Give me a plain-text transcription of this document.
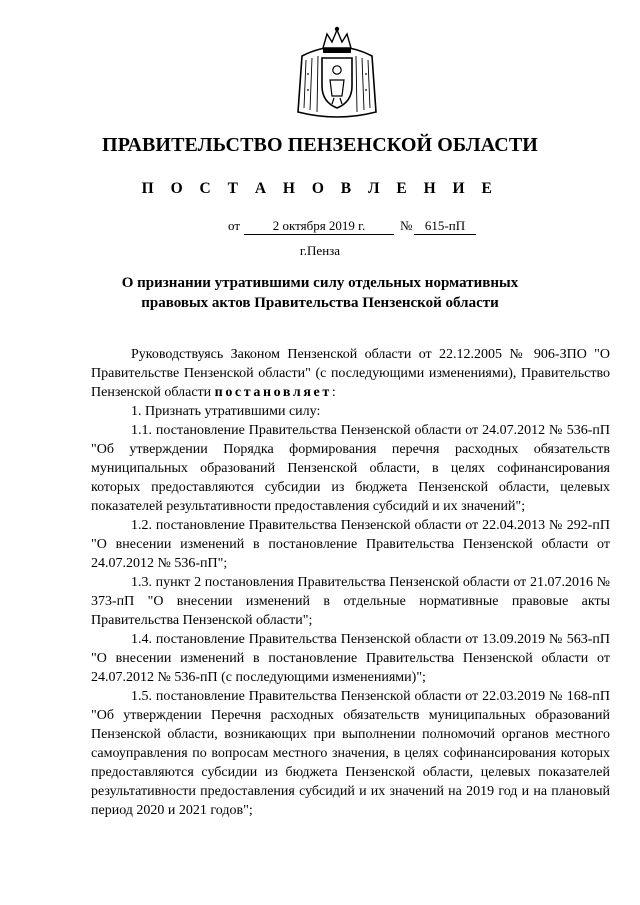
ПРАВИТЕЛЬСТВО ПЕНЗЕНСКОЙ ОБЛАСТИ
П О С Т А Н О В Л Е Н И Е
от	2 октября 2019 г.	№ 615-пП
г.Пенза
О признании утратившими силу отдельных нормативных
правовых актов Правительства Пензенской области

Руководствуясь Законом Пензенской области от 22.12.2005 № 906-ЗПО "О Правительстве Пензенской области" (с последующими изменениями), Правительство Пензенской области постановляет:

1. Признать утратившими силу:

1.1. постановление Правительства Пензенской области от 24.07.2012 № 536-пП "Об утверждении Порядка формирования перечня расходных обязательств муниципальных образований Пензенской области, в целях софинансирования которых предоставляются субсидии из бюджета Пензенской области, целевых показателей результативности предоставления субсидий и их значений";

1.2. постановление Правительства Пензенской области от 22.04.2013 № 292-пП "О внесении изменений в постановление Правительства Пензенской области от 24.07.2012 № 536-пП";

1.3. пункт 2 постановления Правительства Пензенской области от 21.07.2016 № 373-пП "О внесении изменений в отдельные нормативные правовые акты Правительства Пензенской области";

1.4. постановление Правительства Пензенской области от 13.09.2019 № 563-пП "О внесении изменений в постановление Правительства Пензенской области от 24.07.2012 № 536-пП (с последующими изменениями)";

1.5. постановление Правительства Пензенской области от 22.03.2019 № 168-пП "Об утверждении Перечня расходных обязательств муниципальных образований Пензенской области, возникающих при выполнении полномочий органов местного самоуправления по вопросам местного значения, в целях софинансирования которых предоставляются субсидии из бюджета Пензенской области, целевых показателей результативности предоставления субсидий и их значений на 2019 год и на плановый период 2020 и 2021 годов";
